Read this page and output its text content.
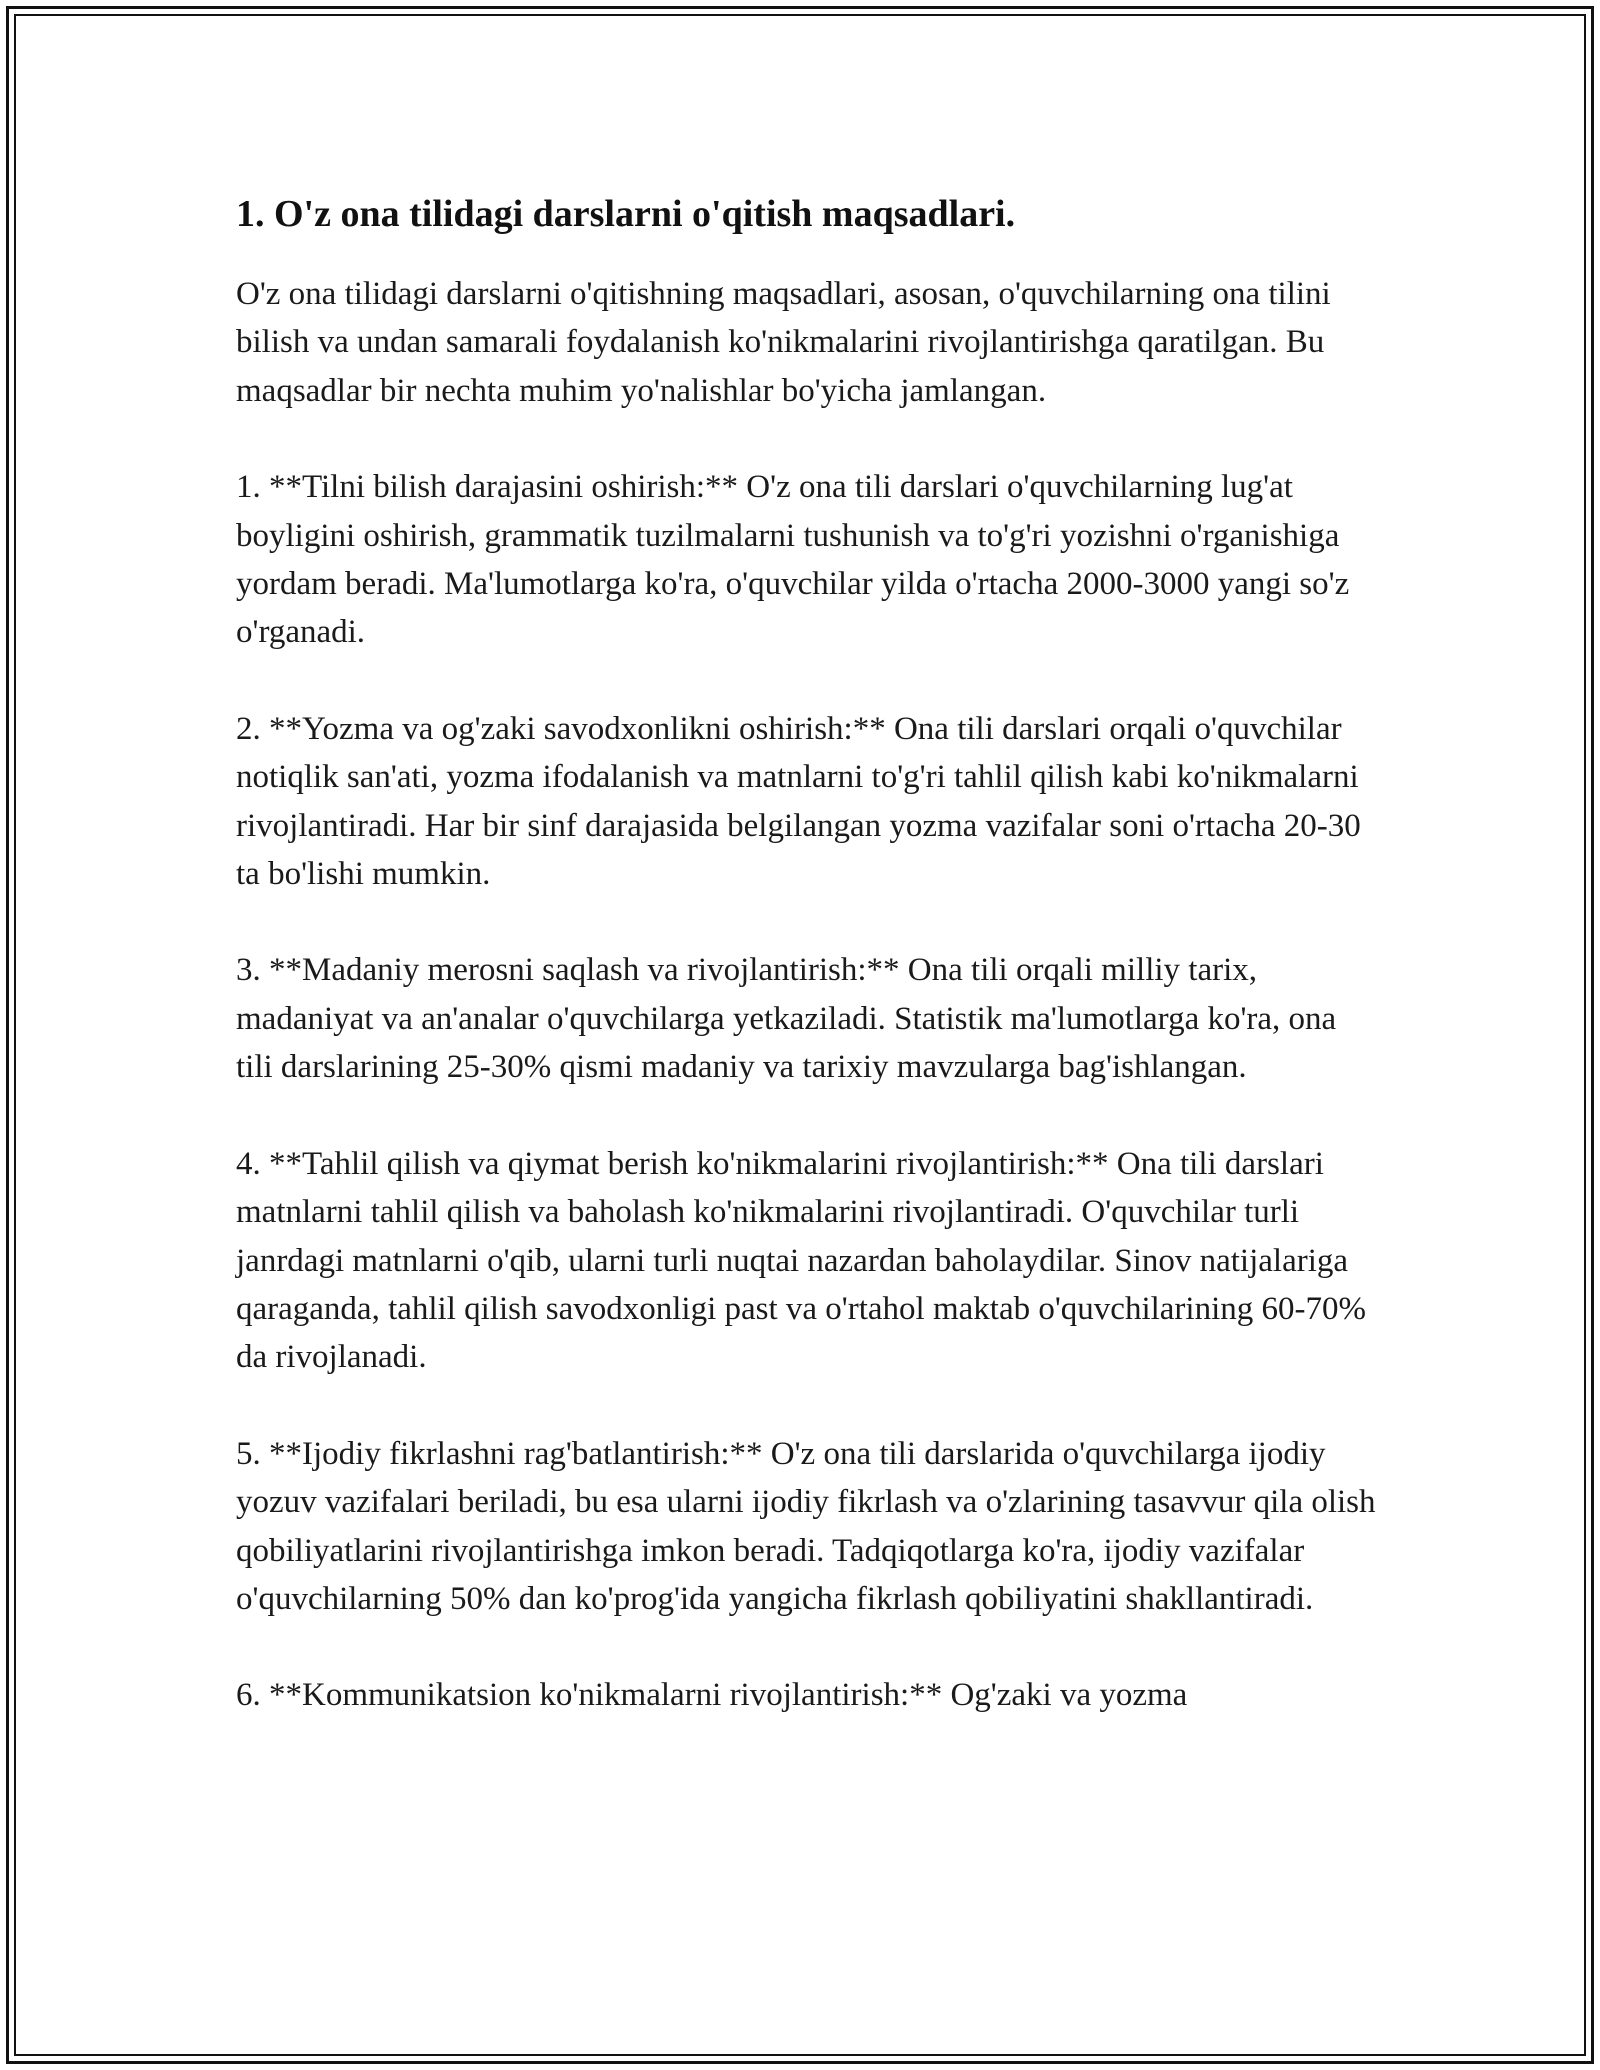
1. O'z ona tilidagi darslarni o'qitish maqsadlari.

O'z ona tilidagi darslarni o'qitishning maqsadlari, asosan, o'quvchilarning ona tilini bilish va undan samarali foydalanish ko'nikmalarini rivojlantirishga qaratilgan. Bu maqsadlar bir nechta muhim yo'nalishlar bo'yicha jamlangan.

1. **Tilni bilish darajasini oshirish:** O'z ona tili darslari o'quvchilarning lug'at boyligini oshirish, grammatik tuzilmalarni tushunish va to'g'ri yozishni o'rganishiga yordam beradi. Ma'lumotlarga ko'ra, o'quvchilar yilda o'rtacha 2000-3000 yangi so'z o'rganadi.

2. **Yozma va og'zaki savodxonlikni oshirish:** Ona tili darslari orqali o'quvchilar notiqlik san'ati, yozma ifodalanish va matnlarni to'g'ri tahlil qilish kabi ko'nikmalarni rivojlantiradi. Har bir sinf darajasida belgilangan yozma vazifalar soni o'rtacha 20-30 ta bo'lishi mumkin.

3. **Madaniy merosni saqlash va rivojlantirish:** Ona tili orqali milliy tarix, madaniyat va an'analar o'quvchilarga yetkaziladi. Statistik ma'lumotlarga ko'ra, ona tili darslarining 25-30% qismi madaniy va tarixiy mavzularga bag'ishlangan.

4. **Tahlil qilish va qiymat berish ko'nikmalarini rivojlantirish:** Ona tili darslari matnlarni tahlil qilish va baholash ko'nikmalarini rivojlantiradi. O'quvchilar turli janrdagi matnlarni o'qib, ularni turli nuqtai nazardan baholaydilar. Sinov natijalariga qaraganda, tahlil qilish savodxonligi past va o'rtahol maktab o'quvchilarining 60-70% da rivojlanadi.

5. **Ijodiy fikrlashni rag'batlantirish:** O'z ona tili darslarida o'quvchilarga ijodiy yozuv vazifalari beriladi, bu esa ularni ijodiy fikrlash va o'zlarining tasavvur qila olish qobiliyatlarini rivojlantirishga imkon beradi. Tadqiqotlarga ko'ra, ijodiy vazifalar o'quvchilarning 50% dan ko'prog'ida yangicha fikrlash qobiliyatini shakllantiradi.

6. **Kommunikatsion ko'nikmalarni rivojlantirish:** Og'zaki va yozma
